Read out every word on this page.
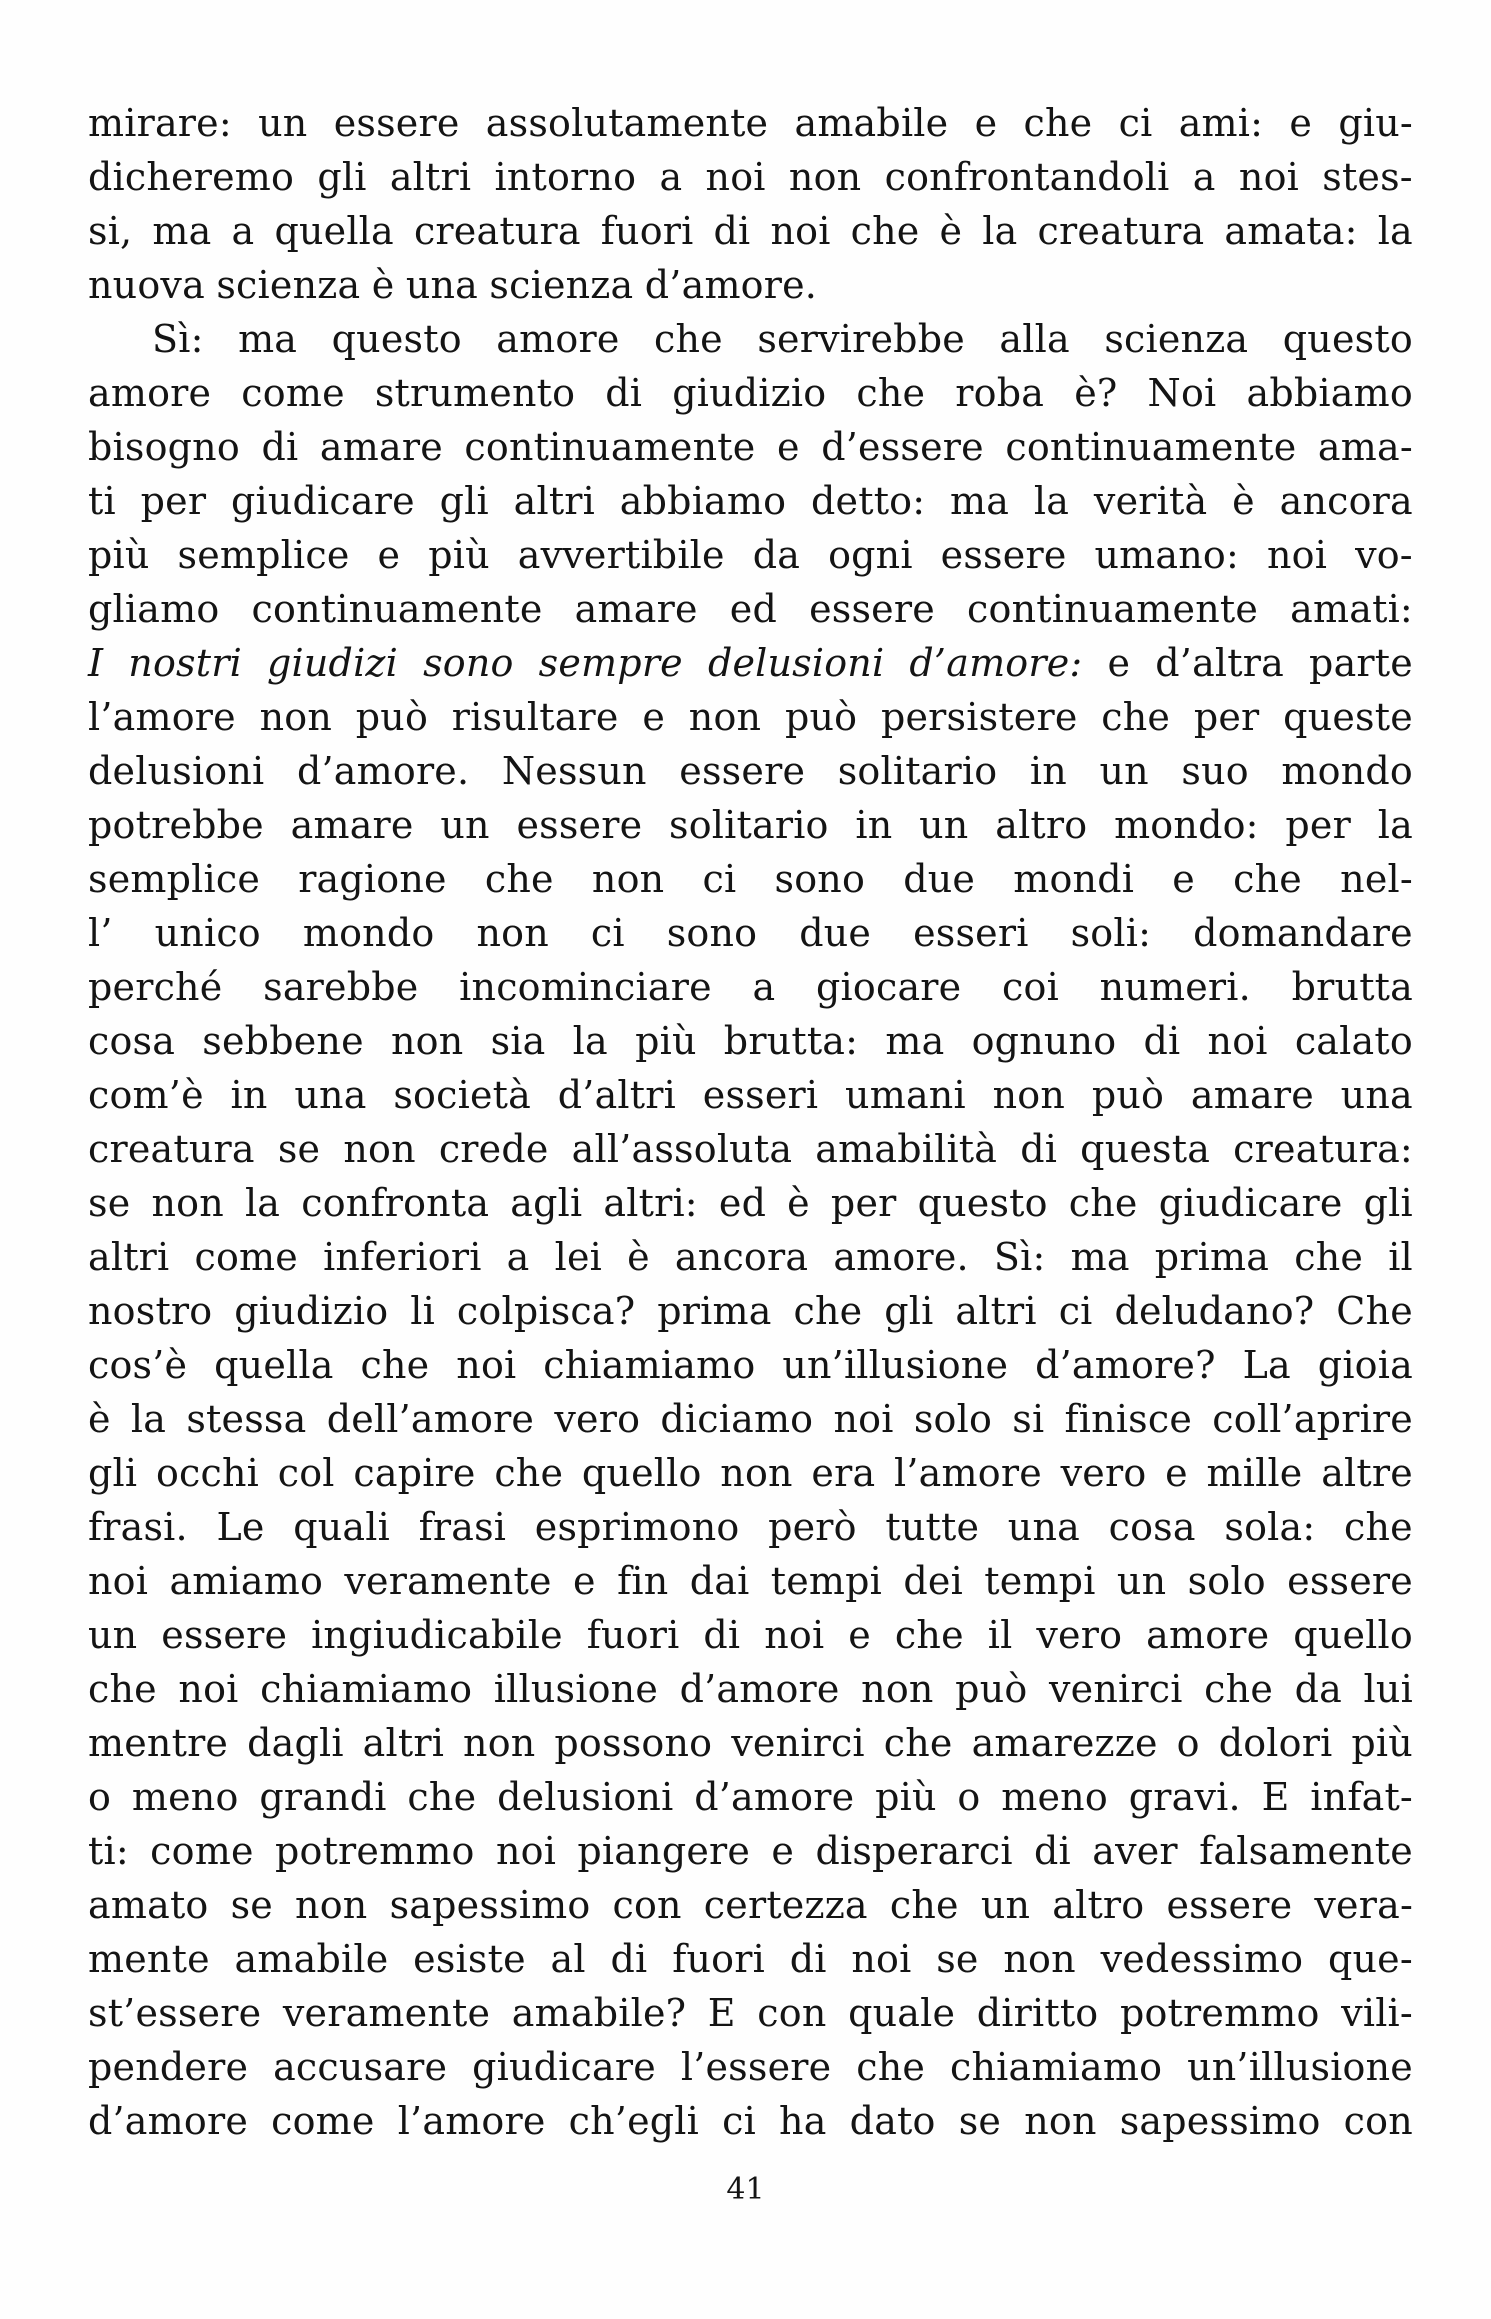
mirare: un essere assolutamente amabile e che ci ami: e giu-
dicheremo gli altri intorno a noi non confrontandoli a noi stes-
si, ma a quella creatura fuori di noi che è la creatura amata: la
nuova scienza è una scienza d’amore.
Sì: ma questo amore che servirebbe alla scienza questo
amore come strumento di giudizio che roba è? Noi abbiamo
bisogno di amare continuamente e d’essere continuamente ama-
ti per giudicare gli altri abbiamo detto: ma la verità è ancora
più semplice e più avvertibile da ogni essere umano: noi vo-
gliamo continuamente amare ed essere continuamente amati:
I nostri giudizi sono sempre delusioni d’amore: e d’altra parte
l’amore non può risultare e non può persistere che per queste
delusioni d’amore. Nessun essere solitario in un suo mondo
potrebbe amare un essere solitario in un altro mondo: per la
semplice ragione che non ci sono due mondi e che nel-
l’ unico mondo non ci sono due esseri soli: domandare
perché sarebbe incominciare a giocare coi numeri. brutta
cosa sebbene non sia la più brutta: ma ognuno di noi calato
com’è in una società d’altri esseri umani non può amare una
creatura se non crede all’assoluta amabilità di questa creatura:
se non la confronta agli altri: ed è per questo che giudicare gli
altri come inferiori a lei è ancora amore. Sì: ma prima che il
nostro giudizio li colpisca? prima che gli altri ci deludano? Che
cos’è quella che noi chiamiamo un’illusione d’amore? La gioia
è la stessa dell’amore vero diciamo noi solo si finisce coll’aprire
gli occhi col capire che quello non era l’amore vero e mille altre
frasi. Le quali frasi esprimono però tutte una cosa sola: che
noi amiamo veramente e fin dai tempi dei tempi un solo essere
un essere ingiudicabile fuori di noi e che il vero amore quello
che noi chiamiamo illusione d’amore non può venirci che da lui
mentre dagli altri non possono venirci che amarezze o dolori più
o meno grandi che delusioni d’amore più o meno gravi. E infat-
ti: come potremmo noi piangere e disperarci di aver falsamente
amato se non sapessimo con certezza che un altro essere vera-
mente amabile esiste al di fuori di noi se non vedessimo que-
st’essere veramente amabile? E con quale diritto potremmo vili-
pendere accusare giudicare l’essere che chiamiamo un’illusione
d’amore come l’amore ch’egli ci ha dato se non sapessimo con
41
